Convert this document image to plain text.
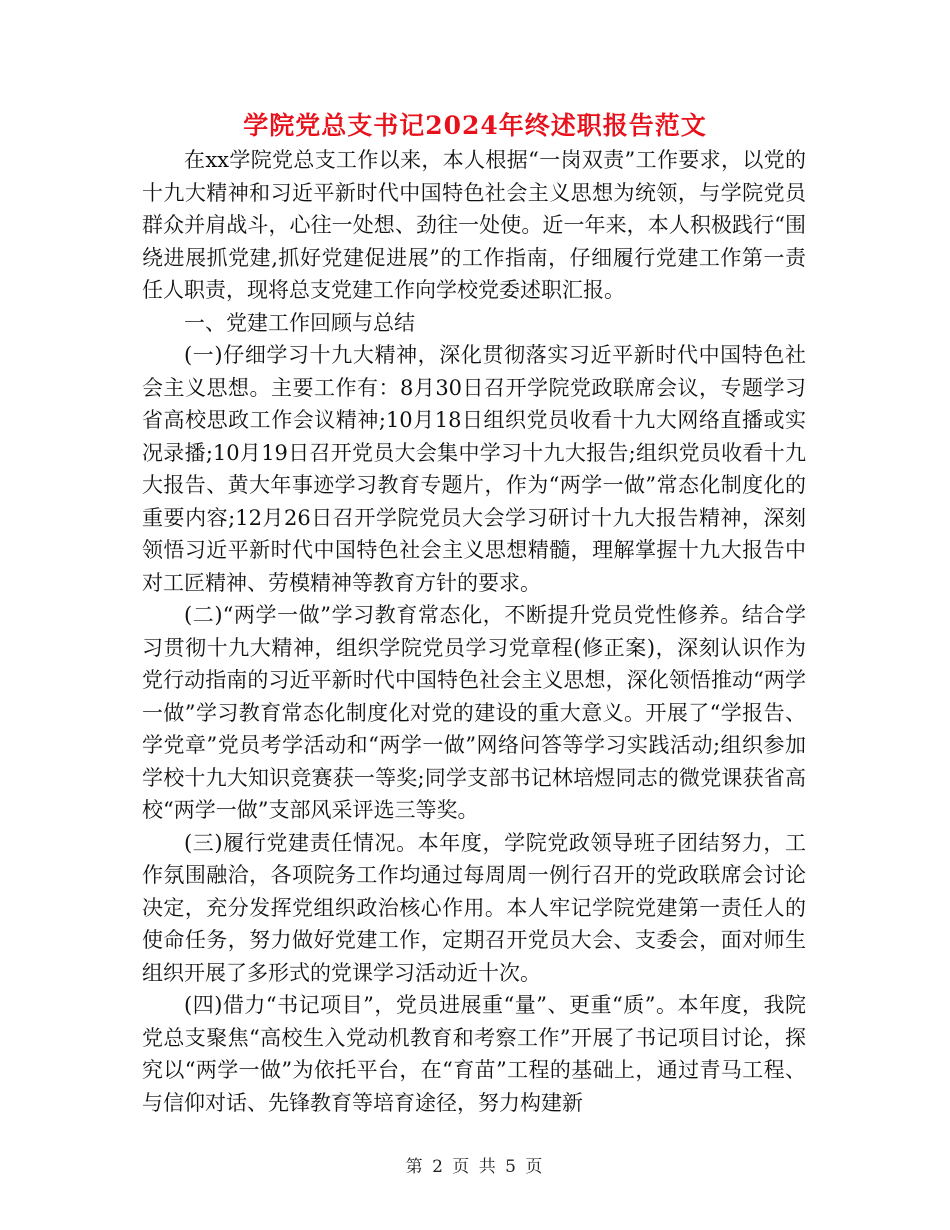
学院党总支书记2024年终述职报告范文

在xx学院党总支工作以来，本人根据“一岗双责”工作要求，以党的十九大精神和习近平新时代中国特色社会主义思想为统领，与学院党员群众并肩战斗，心往一处想、劲往一处使。近一年来，本人积极践行“围绕进展抓党建,抓好党建促进展”的工作指南，仔细履行党建工作第一责任人职责，现将总支党建工作向学校党委述职汇报。

一、党建工作回顾与总结

(一)仔细学习十九大精神，深化贯彻落实习近平新时代中国特色社会主义思想。主要工作有：8月30日召开学院党政联席会议，专题学习省高校思政工作会议精神;10月18日组织党员收看十九大网络直播或实况录播;10月19日召开党员大会集中学习十九大报告;组织党员收看十九大报告、黄大年事迹学习教育专题片，作为“两学一做”常态化制度化的重要内容;12月26日召开学院党员大会学习研讨十九大报告精神，深刻领悟习近平新时代中国特色社会主义思想精髓，理解掌握十九大报告中对工匠精神、劳模精神等教育方针的要求。

(二)“两学一做”学习教育常态化，不断提升党员党性修养。结合学习贯彻十九大精神，组织学院党员学习党章程(修正案)，深刻认识作为党行动指南的习近平新时代中国特色社会主义思想，深化领悟推动“两学一做”学习教育常态化制度化对党的建设的重大意义。开展了“学报告、学党章”党员考学活动和“两学一做”网络问答等学习实践活动;组织参加学校十九大知识竞赛获一等奖;同学支部书记林培煜同志的微党课获省高校“两学一做”支部风采评选三等奖。

(三)履行党建责任情况。本年度，学院党政领导班子团结努力，工作氛围融洽，各项院务工作均通过每周周一例行召开的党政联席会讨论决定，充分发挥党组织政治核心作用。本人牢记学院党建第一责任人的使命任务，努力做好党建工作，定期召开党员大会、支委会，面对师生组织开展了多形式的党课学习活动近十次。

(四)借力“书记项目”，党员进展重“量”、更重“质”。本年度，我院党总支聚焦“高校生入党动机教育和考察工作”开展了书记项目讨论，探究以“两学一做”为依托平台，在“育苗”工程的基础上，通过青马工程、与信仰对话、先锋教育等培育途径，努力构建新

第 2 页 共 5 页
